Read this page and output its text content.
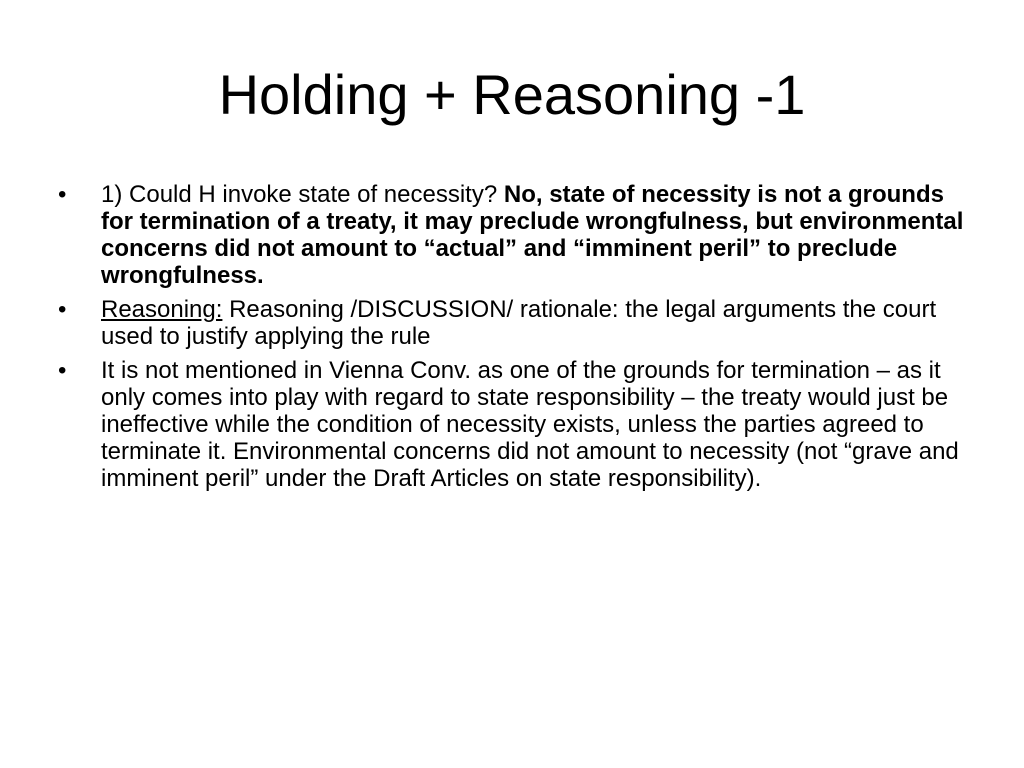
Holding + Reasoning -1
•	1) Could H invoke state of necessity? No, state of necessity is not a grounds for termination of a treaty, it may preclude wrongfulness, but environmental concerns did not amount to “actual” and “imminent peril” to preclude wrongfulness.
•	Reasoning: Reasoning /DISCUSSION/ rationale: the legal arguments the court used to justify applying the rule
•	It is not mentioned in Vienna Conv. as one of the grounds for termination – as it only comes into play with regard to state responsibility – the treaty would just be ineffective while the condition of necessity exists, unless the parties agreed to terminate it. Environmental concerns did not amount to necessity (not “grave and imminent peril” under the Draft Articles on state responsibility).
